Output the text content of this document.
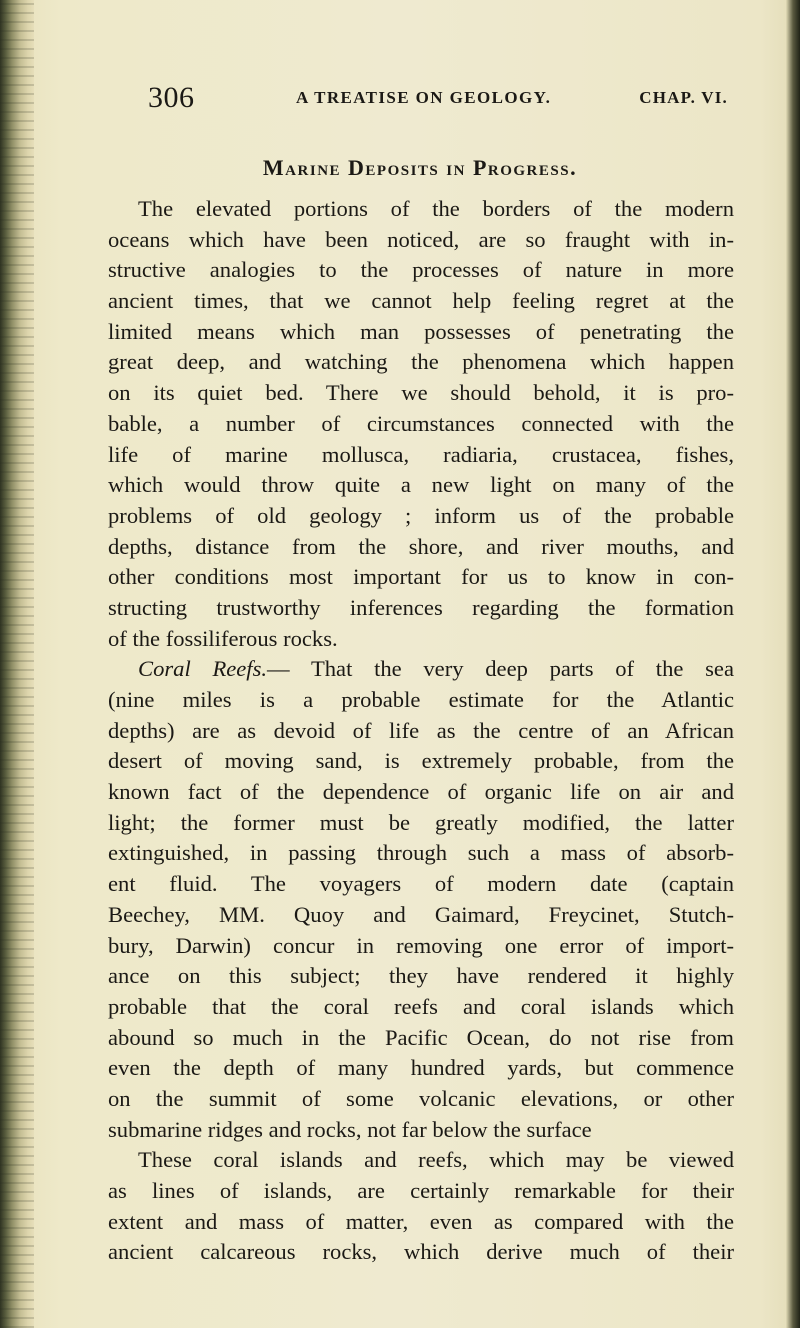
306	A TREATISE ON GEOLOGY.	CHAP. VI.
Marine Deposits in Progress.
The elevated portions of the borders of the modern
oceans which have been noticed, are so fraught with in-
structive analogies to the processes of nature in more
ancient times, that we cannot help feeling regret at the
limited means which man possesses of penetrating the
great deep, and watching the phenomena which happen
on its quiet bed. There we should behold, it is pro-
bable, a number of circumstances connected with the
life of marine mollusca, radiaria, crustacea, fishes,
which would throw quite a new light on many of the
problems of old geology ; inform us of the probable
depths, distance from the shore, and river mouths, and
other conditions most important for us to know in con-
structing trustworthy inferences regarding the formation
of the fossiliferous rocks.
Coral Reefs.— That the very deep parts of the sea
(nine miles is a probable estimate for the Atlantic
depths) are as devoid of life as the centre of an African
desert of moving sand, is extremely probable, from the
known fact of the dependence of organic life on air and
light; the former must be greatly modified, the latter
extinguished, in passing through such a mass of absorb-
ent fluid. The voyagers of modern date (captain
Beechey, MM. Quoy and Gaimard, Freycinet, Stutch-
bury, Darwin) concur in removing one error of import-
ance on this subject; they have rendered it highly
probable that the coral reefs and coral islands which
abound so much in the Pacific Ocean, do not rise from
even the depth of many hundred yards, but commence
on the summit of some volcanic elevations, or other
submarine ridges and rocks, not far below the surface
These coral islands and reefs, which may be viewed
as lines of islands, are certainly remarkable for their
extent and mass of matter, even as compared with the
ancient calcareous rocks, which derive much of their
